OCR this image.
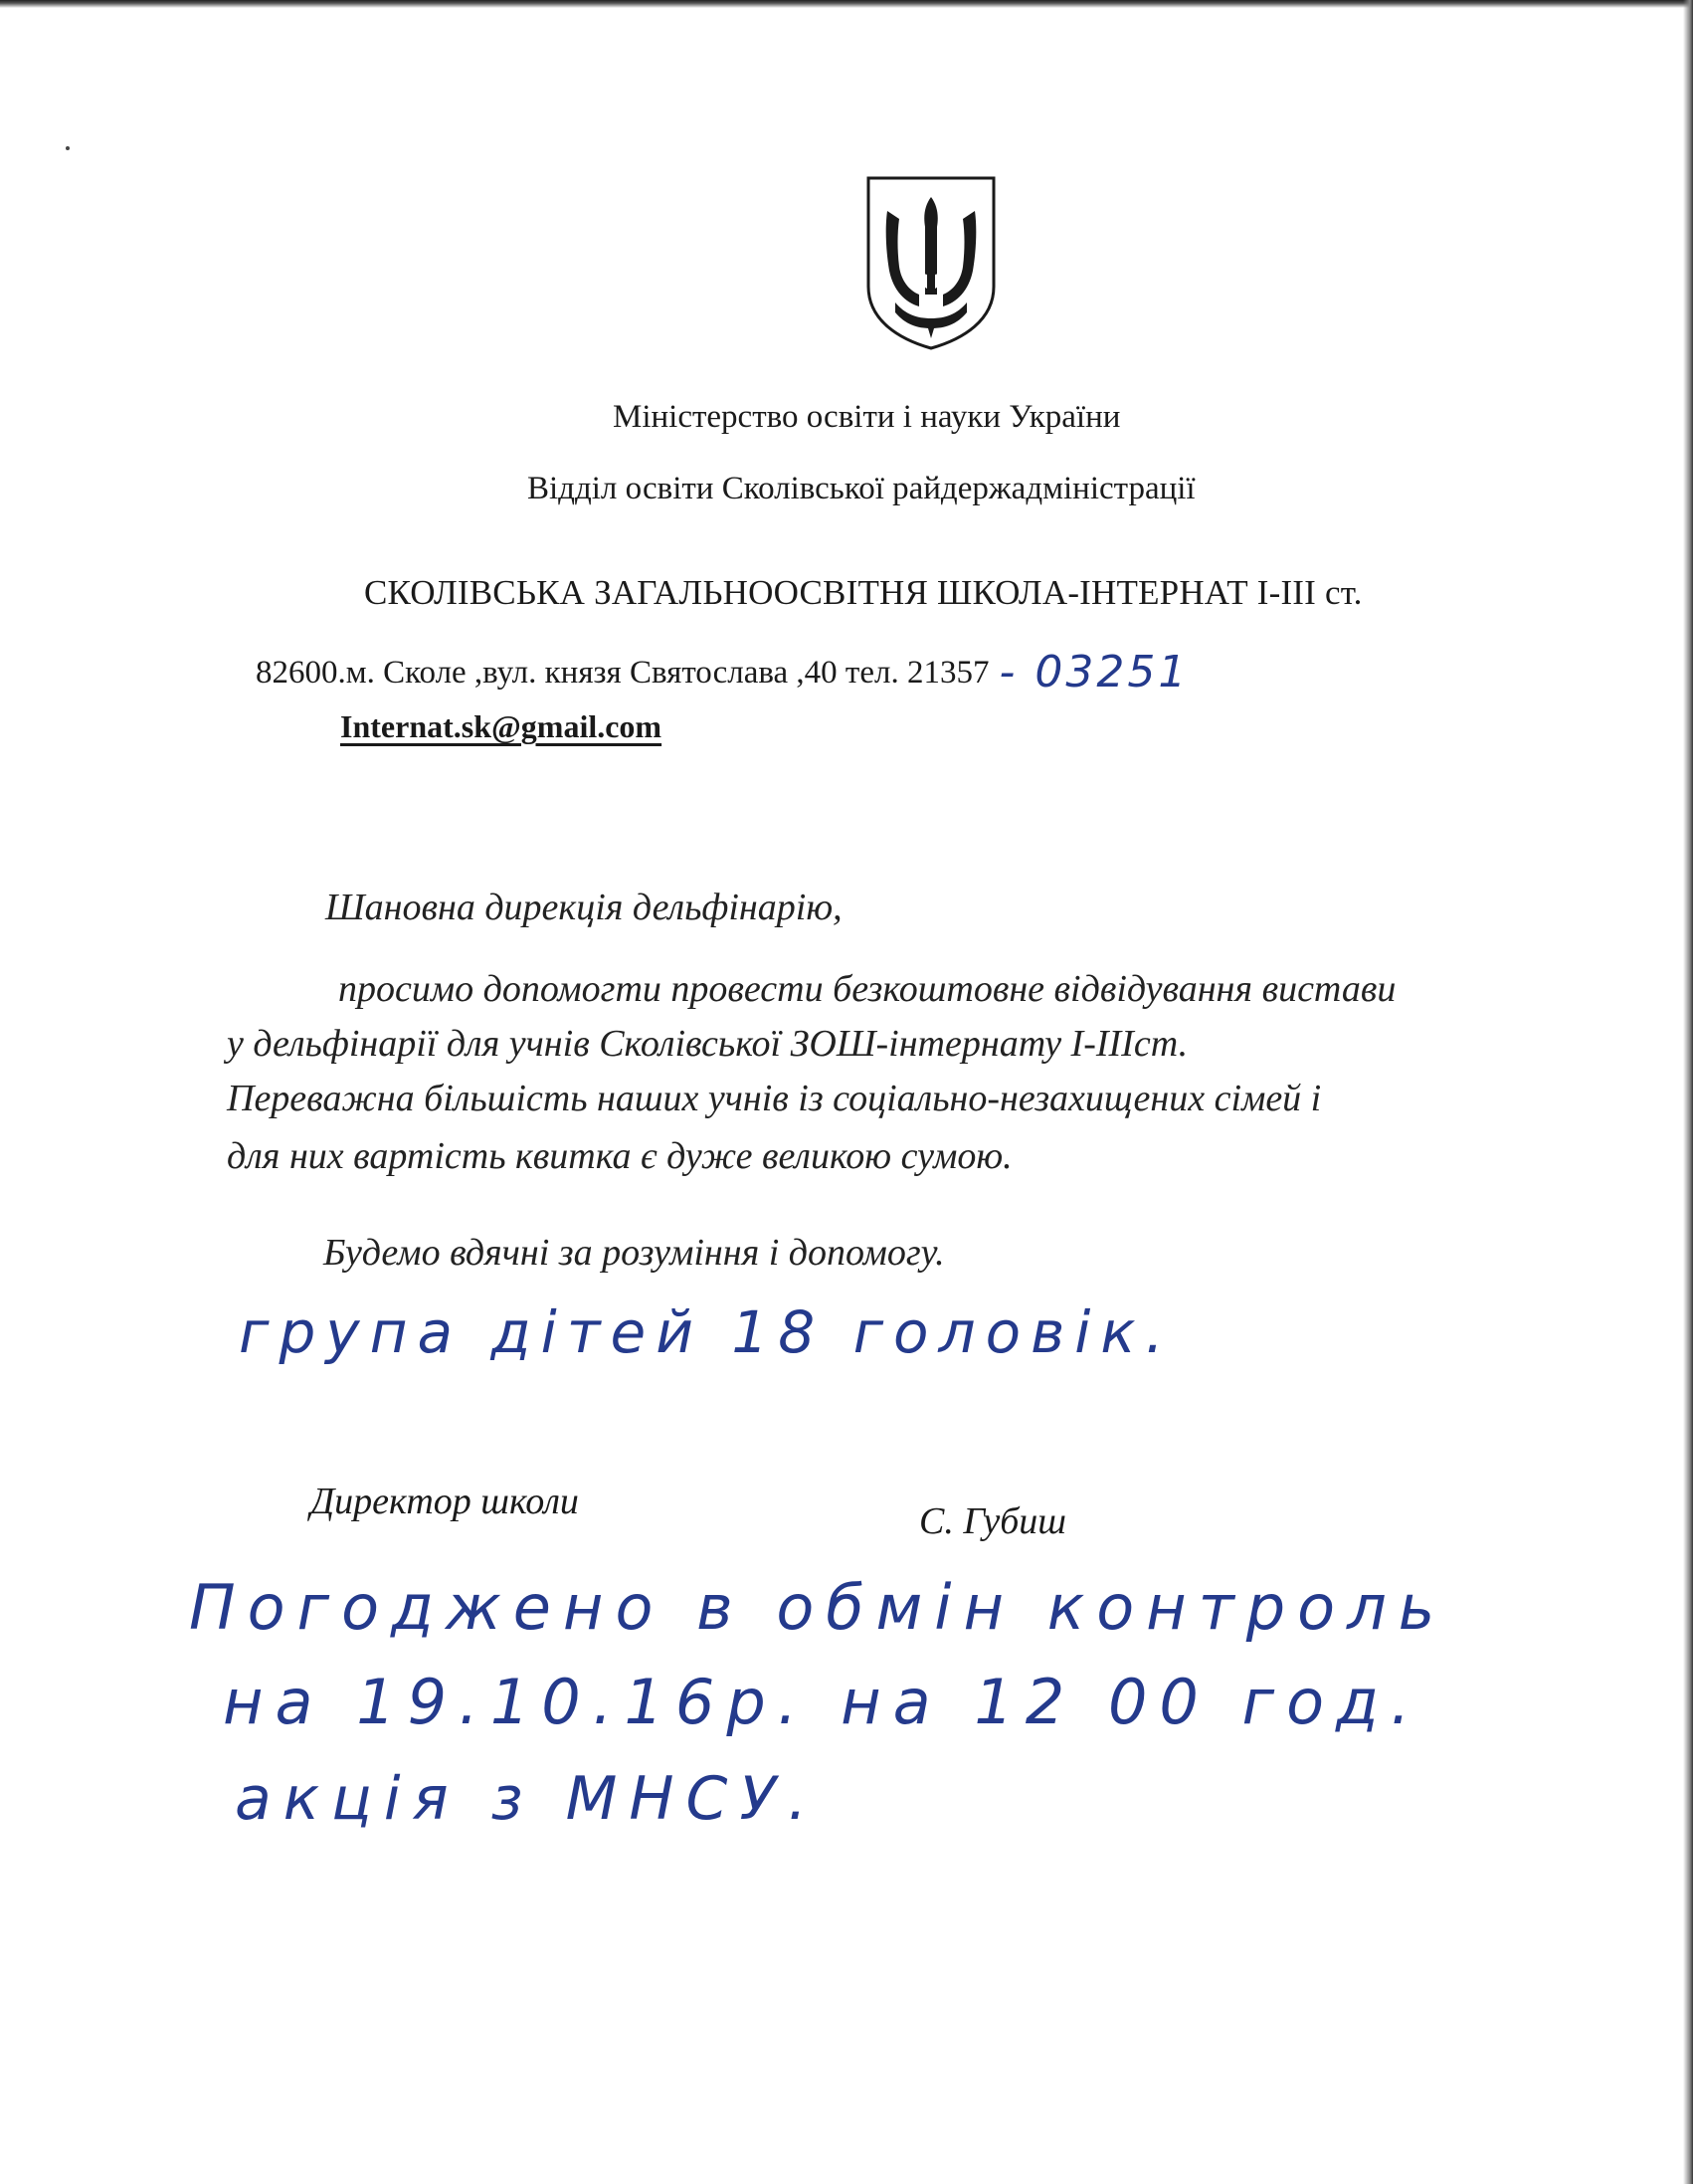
Міністерство освіти і науки України
Відділ освіти Сколівської райдержадміністрації
СКОЛІВСЬКА ЗАГАЛЬНООСВІТНЯ ШКОЛА-ІНТЕРНАТ І-ІІІ ст.
82600.м. Сколе ,вул. князя Святослава ,40 тел. 21357 - 03251
Internat.sk@gmail.com
Шановна дирекція дельфінарію,
просимо допомогти провести безкоштовне відвідування вистави
у дельфінарії для учнів Сколівської ЗОШ-інтернату І-ІІІст.
Переважна більшість наших учнів із соціально-незахищених сімей і
для них вартість квитка є дуже великою сумою.
Будемо вдячні за розуміння і допомогу.
група дітей 18 головік.
Директор школи	С. Губиш
Погоджено в обмін контроль
на 19.10.16р. на 12 00 год.
акція з МНСУ.
